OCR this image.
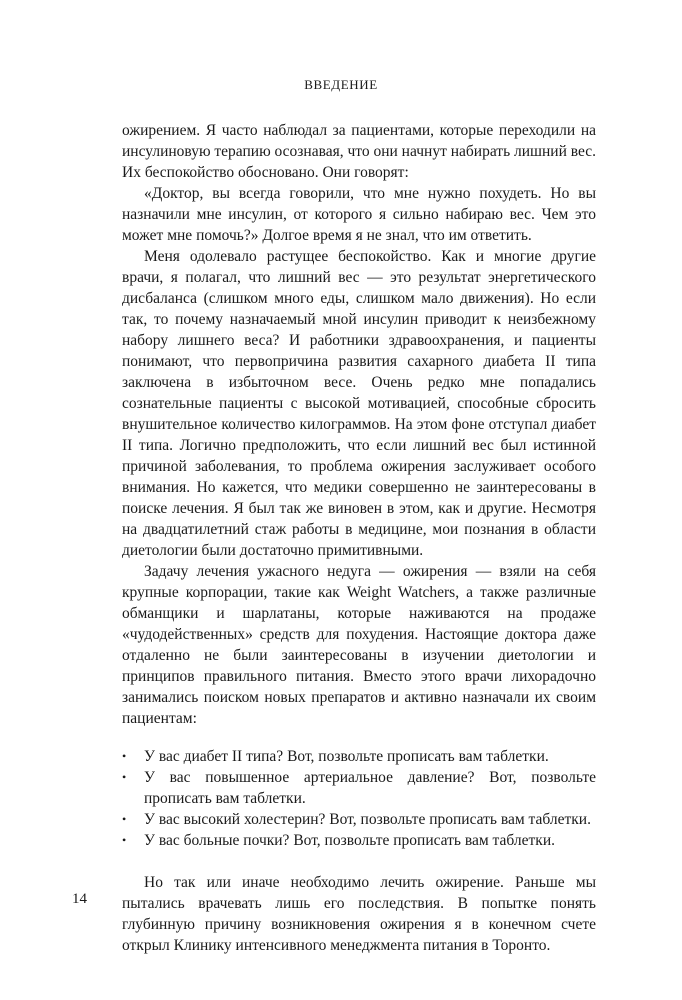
ВВЕДЕНИЕ

ожирением. Я часто наблюдал за пациентами, которые переходили на инсулиновую терапию осознавая, что они начнут набирать лишний вес. Их беспокойство обосновано. Они говорят:

«Доктор, вы всегда говорили, что мне нужно похудеть. Но вы назначили мне инсулин, от которого я сильно набираю вес. Чем это может мне помочь?» Долгое время я не знал, что им ответить.

Меня одолевало растущее беспокойство. Как и многие другие врачи, я полагал, что лишний вес — это результат энергетического дисбаланса (слишком много еды, слишком мало движения). Но если так, то почему назначаемый мной инсулин приводит к неизбежному набору лишнего веса? И работники здравоохранения, и пациенты понимают, что первопричина развития сахарного диабета II типа заключена в избыточном весе. Очень редко мне попадались сознательные пациенты с высокой мотивацией, способные сбросить внушительное количество килограммов. На этом фоне отступал диабет II типа. Логично предположить, что если лишний вес был истинной причиной заболевания, то проблема ожирения заслуживает особого внимания. Но кажется, что медики совершенно не заинтересованы в поиске лечения. Я был так же виновен в этом, как и другие. Несмотря на двадцатилетний стаж работы в медицине, мои познания в области диетологии были достаточно примитивными.

Задачу лечения ужасного недуга — ожирения — взяли на себя крупные корпорации, такие как Weight Watchers, а также различные обманщики и шарлатаны, которые наживаются на продаже «чудодейственных» средств для похудения. Настоящие доктора даже отдаленно не были заинтересованы в изучении диетологии и принципов правильного питания. Вместо этого врачи лихорадочно занимались поиском новых препаратов и активно назначали их своим пациентам:

• У вас диабет II типа? Вот, позвольте прописать вам таблетки.
• У вас повышенное артериальное давление? Вот, позвольте прописать вам таблетки.
• У вас высокий холестерин? Вот, позвольте прописать вам таблетки.
• У вас больные почки? Вот, позвольте прописать вам таблетки.

Но так или иначе необходимо лечить ожирение. Раньше мы пытались врачевать лишь его последствия. В попытке понять глубинную причину возникновения ожирения я в конечном счете открыл Клинику интенсивного менеджмента питания в Торонто.

14
